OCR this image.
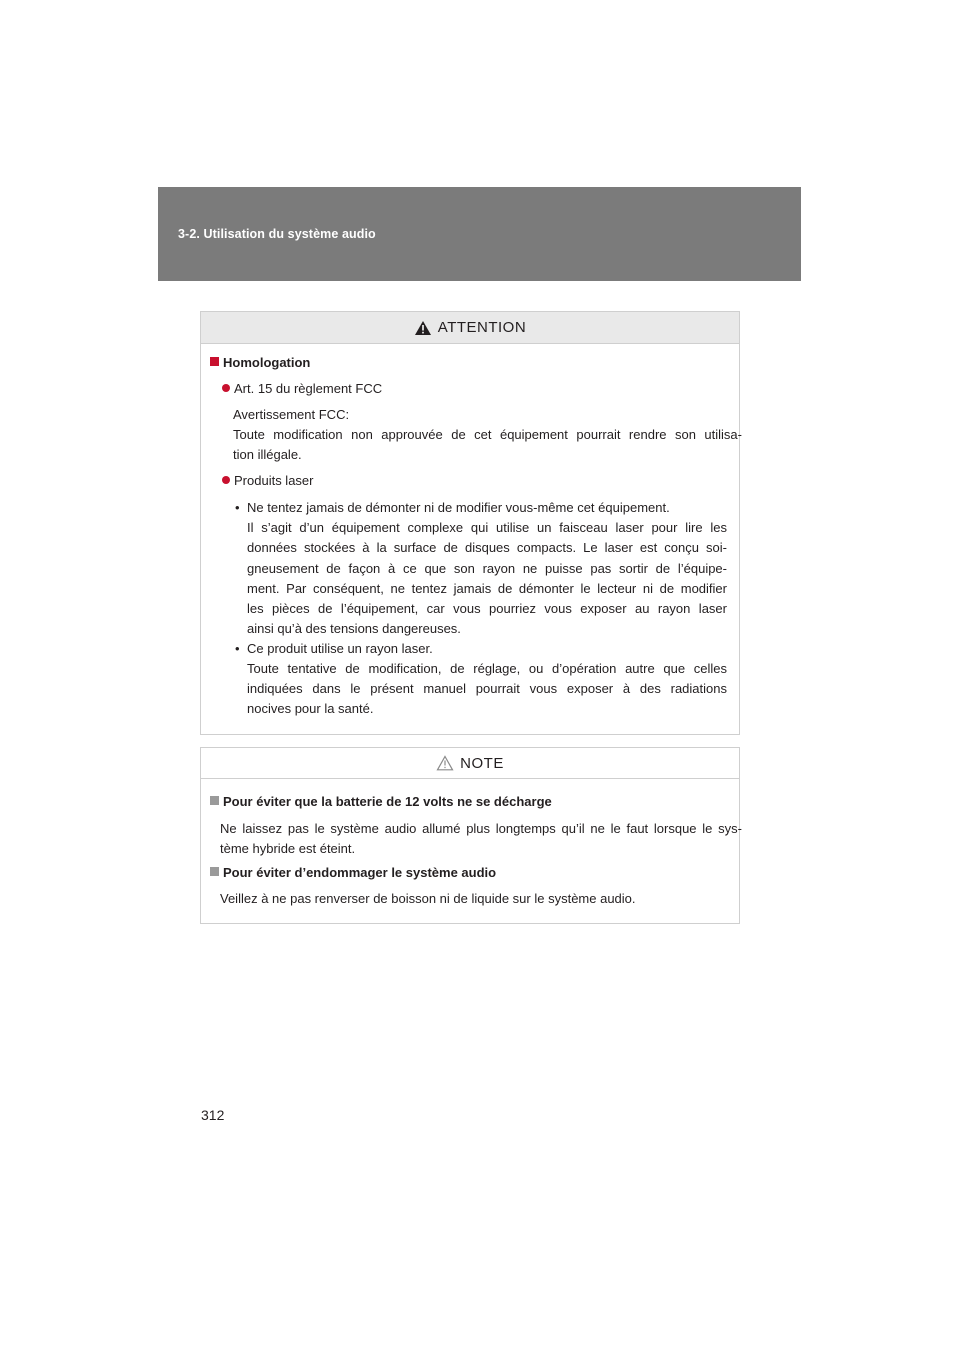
3-2. Utilisation du système audio
ATTENTION
Homologation
Art. 15 du règlement FCC
Avertissement FCC:
Toute modification non approuvée de cet équipement pourrait rendre son utilisa-
tion illégale.
Produits laser
• Ne tentez jamais de démonter ni de modifier vous-même cet équipement.
Il s’agit d’un équipement complexe qui utilise un faisceau laser pour lire les
données stockées à la surface de disques compacts. Le laser est conçu soi-
gneusement de façon à ce que son rayon ne puisse pas sortir de l’équipe-
ment. Par conséquent, ne tentez jamais de démonter le lecteur ni de modifier
les pièces de l’équipement, car vous pourriez vous exposer au rayon laser
ainsi qu’à des tensions dangereuses.
• Ce produit utilise un rayon laser.
Toute tentative de modification, de réglage, ou d’opération autre que celles
indiquées dans le présent manuel pourrait vous exposer à des radiations
nocives pour la santé.
NOTE
Pour éviter que la batterie de 12 volts ne se décharge
Ne laissez pas le système audio allumé plus longtemps qu’il ne le faut lorsque le sys-
tème hybride est éteint.
Pour éviter d’endommager le système audio
Veillez à ne pas renverser de boisson ni de liquide sur le système audio.
312
